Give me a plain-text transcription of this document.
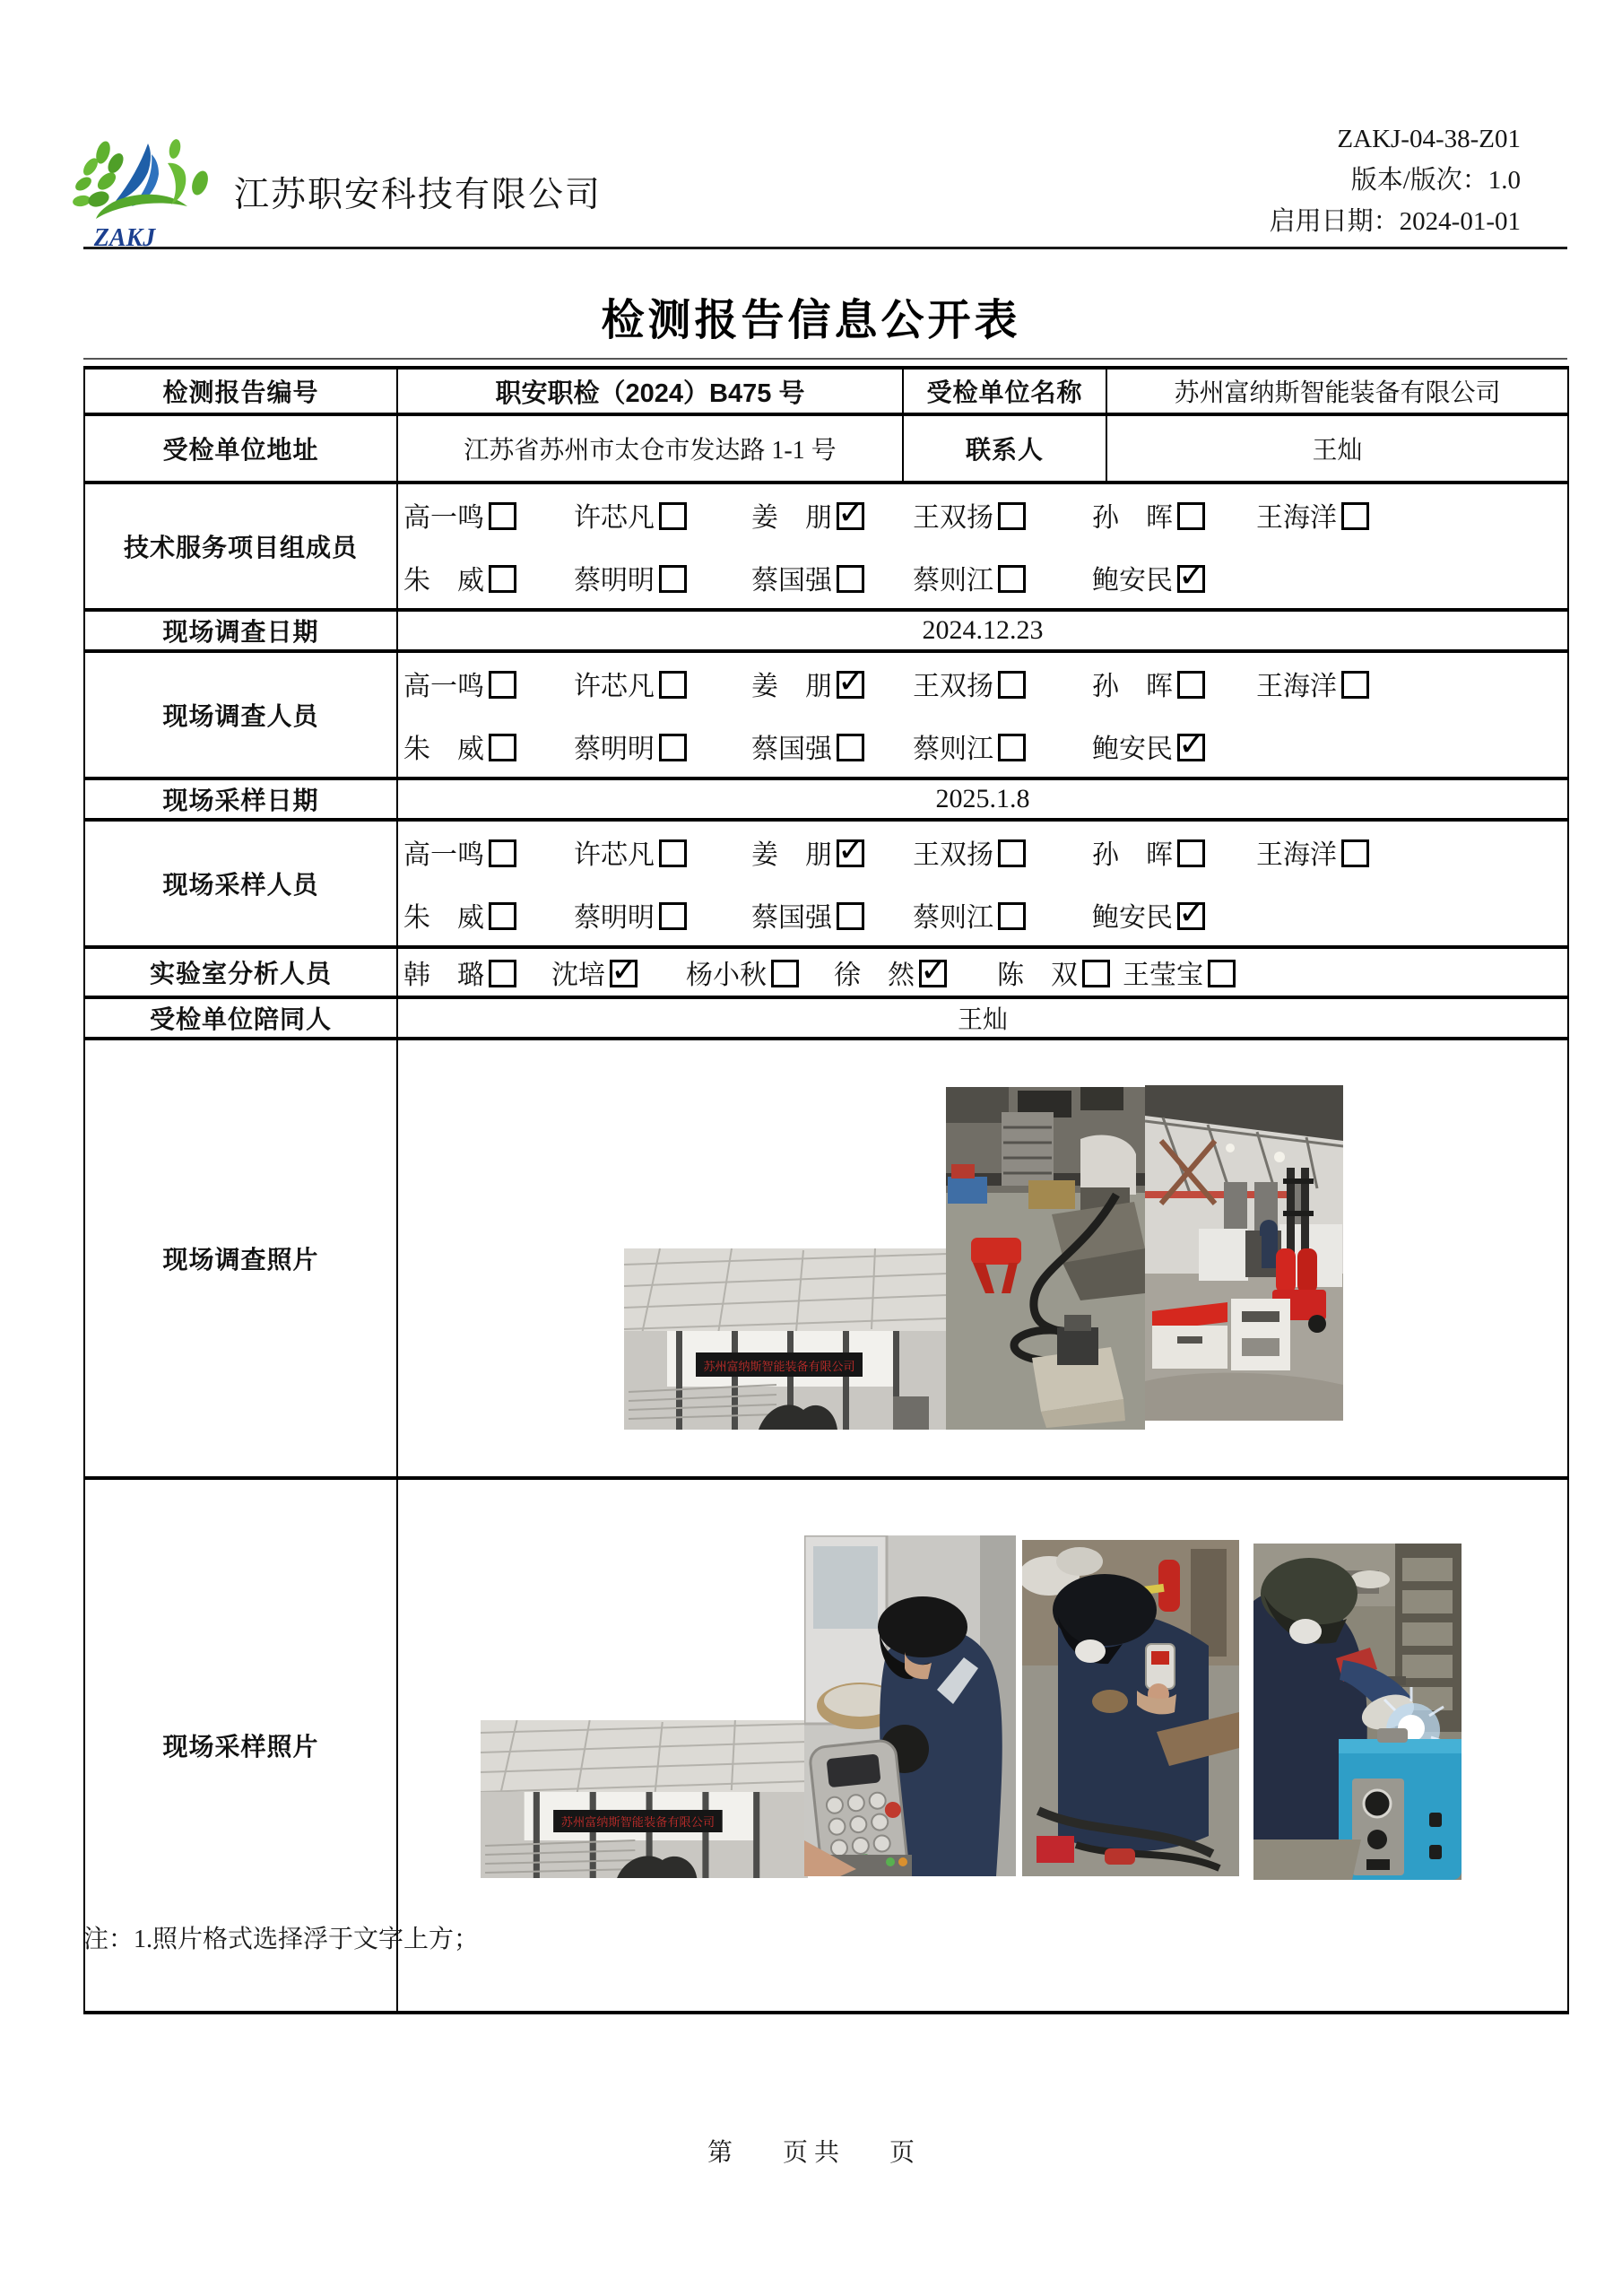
ZAKJ
江苏职安科技有限公司
ZAKJ-04-38-Z01
版本/版次：1.0
启用日期：2024-01-01
检测报告信息公开表
检测报告编号	职安职检（2024）B475 号	受检单位名称	苏州富纳斯智能装备有限公司
受检单位地址	江苏省苏州市太仓市发达路 1-1 号	联系人	王灿
技术服务项目组成员	
高一鸣	许芯凡	姜　朋 ✓	王双扬	孙　晖	王海洋
朱　威	蔡明明	蔡国强	蔡则江	鲍安民✓

现场调查日期	2024.12.23		
现场调查人员	
高一鸣	许芯凡	姜　朋 ✓	王双扬	孙　晖	王海洋
朱　威	蔡明明	蔡国强	蔡则江	鲍安民✓

现场采样日期	2025.1.8		
现场采样人员	
高一鸣	许芯凡	姜　朋 ✓	王双扬	孙　晖	王海洋
朱　威	蔡明明	蔡国强	蔡则江	鲍安民✓

实验室分析人员	韩　璐	沈培 ✓	杨小秋	徐　然 ✓	陈　双	王莹宝

受检单位陪同人	王灿		
现场调查照片	苏州富纳斯智能装备有限公司		

现场采样照片	苏州富纳斯智能装备有限公司		
注：1.照片格式选择浮于文字上方；
第　　页 共　　页
